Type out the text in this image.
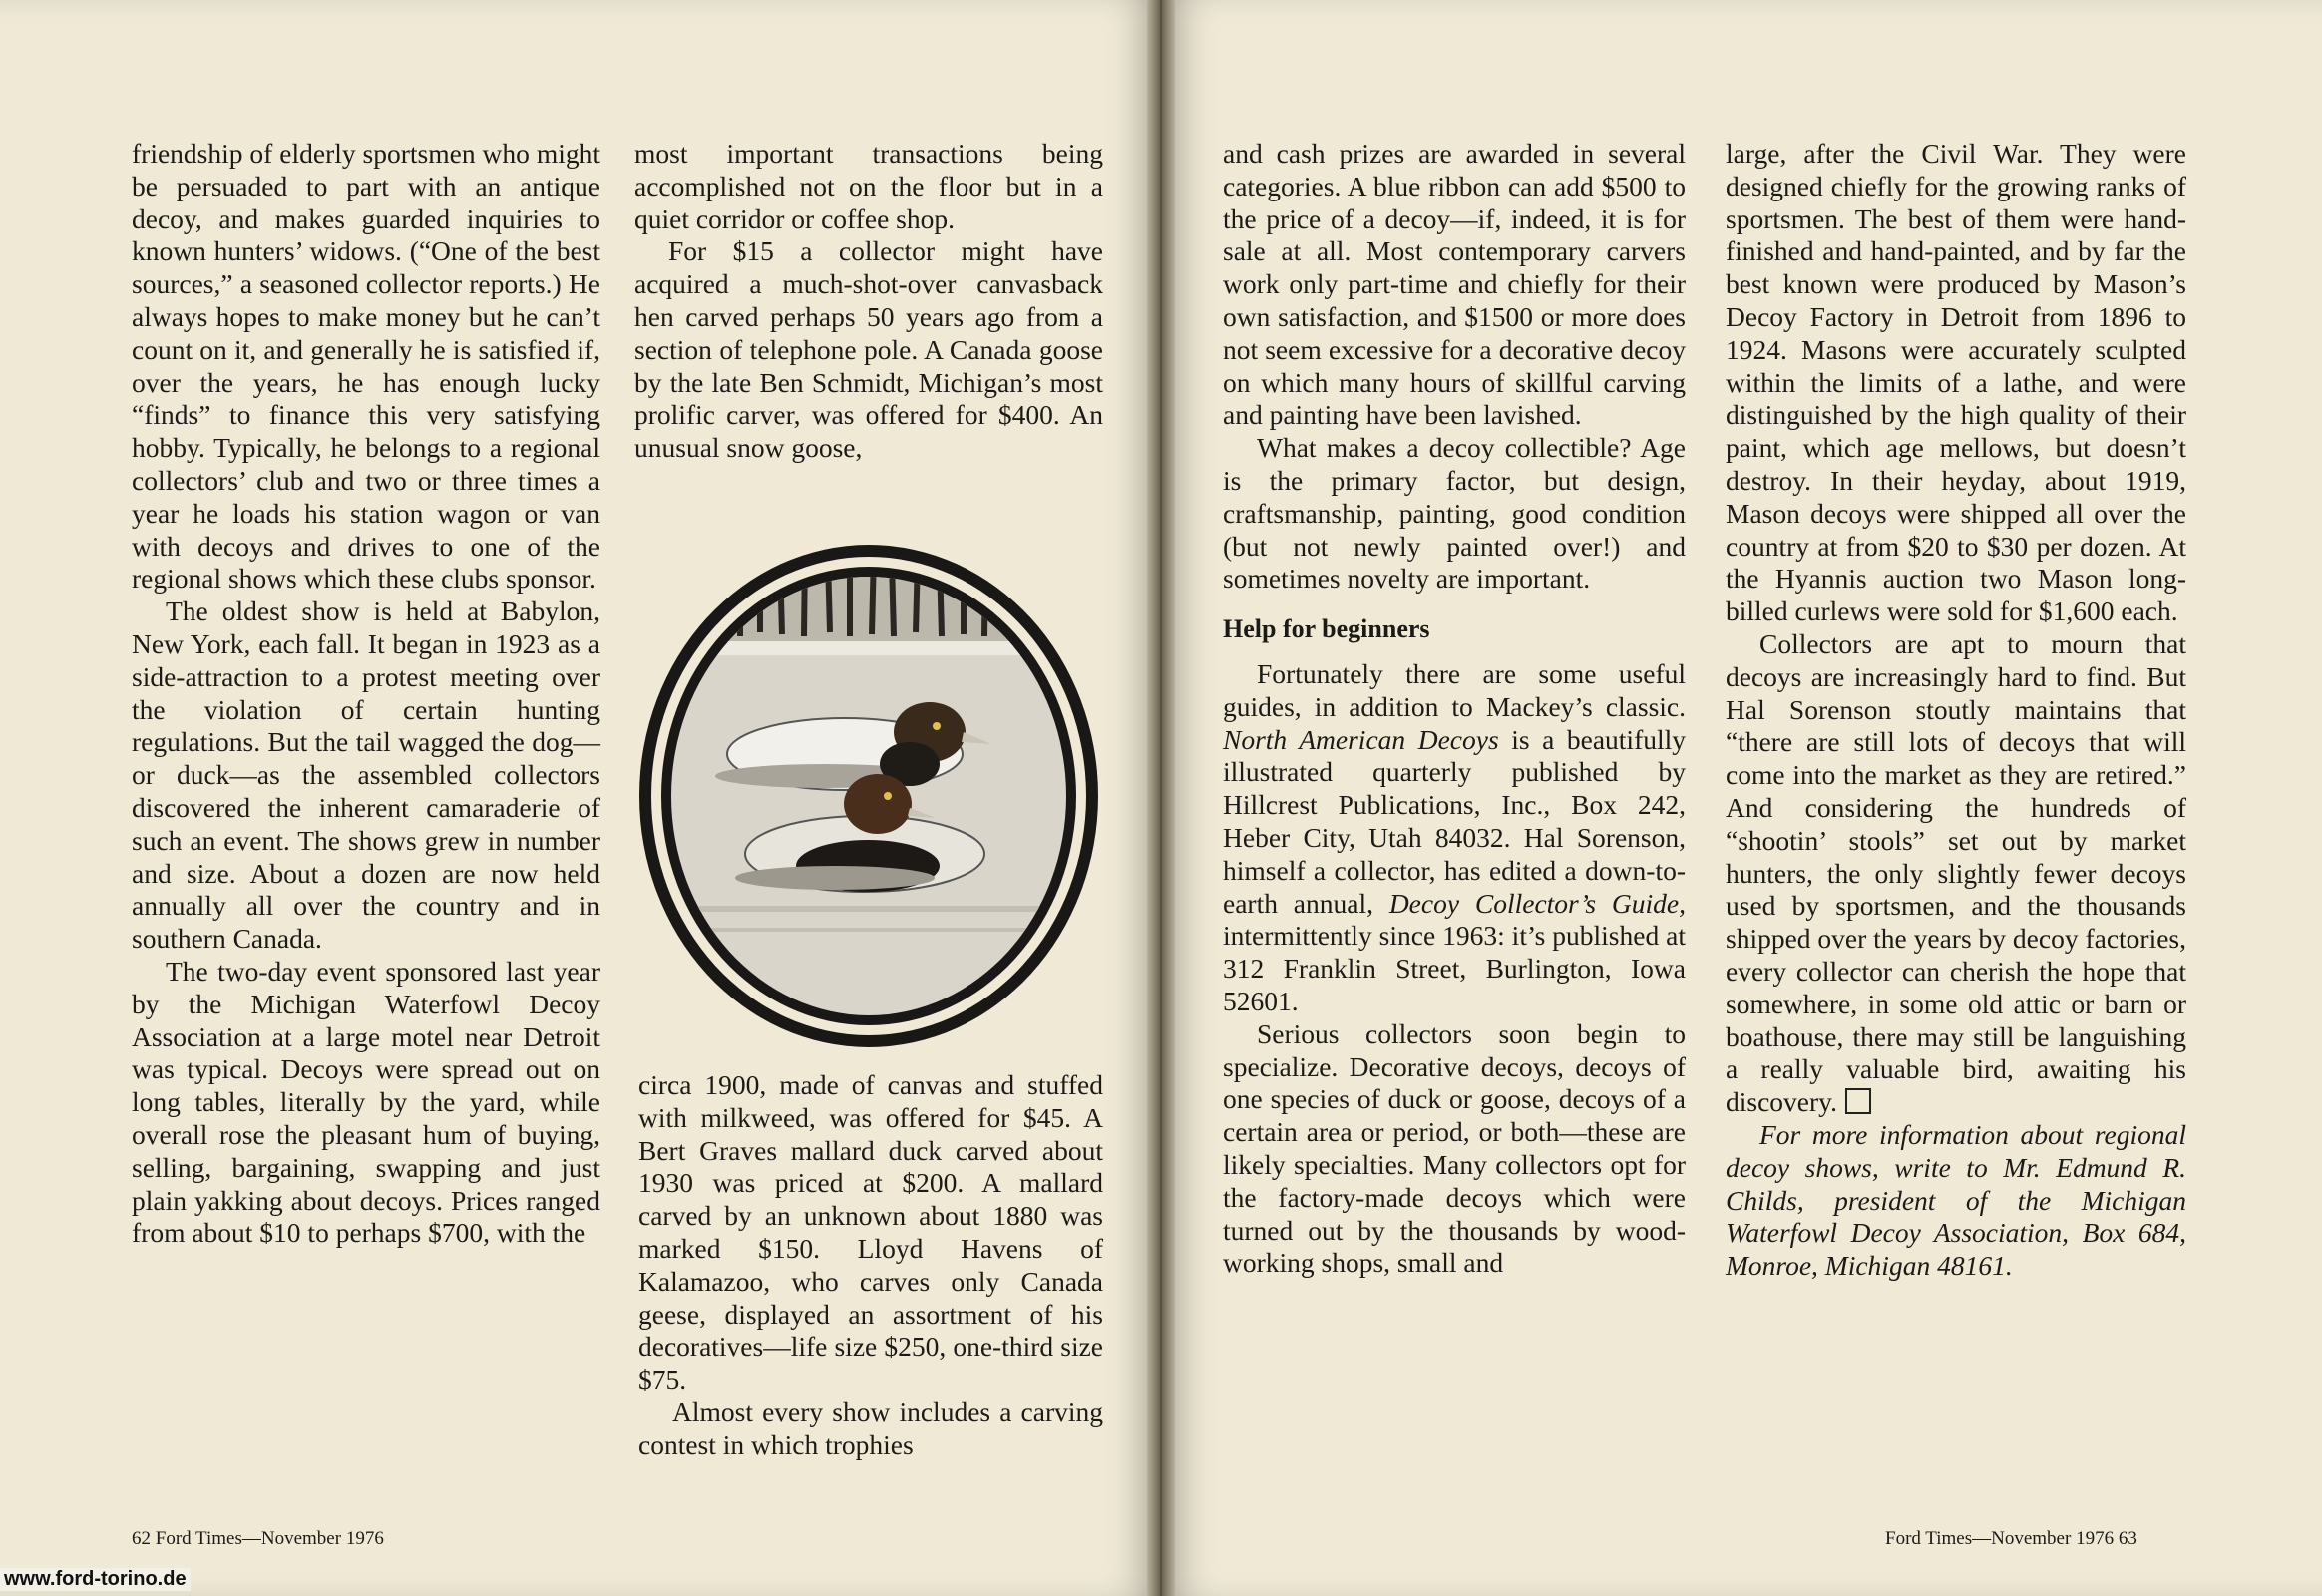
friendship of elderly sportsmen who might be persuaded to part with an antique decoy, and makes guarded inquiries to known hunters’ widows. (“One of the best sources,” a seasoned collector reports.) He always hopes to make money but he can’t count on it, and generally he is satisfied if, over the years, he has enough lucky “finds” to finance this very satisfying hobby. Typically, he belongs to a regional collectors’ club and two or three times a year he loads his station wagon or van with decoys and drives to one of the regional shows which these clubs sponsor.

The oldest show is held at Babylon, New York, each fall. It began in 1923 as a side-attraction to a protest meeting over the violation of certain hunting regulations. But the tail wagged the dog—or duck—as the assembled collectors discovered the inherent camaraderie of such an event. The shows grew in number and size. About a dozen are now held annually all over the country and in southern Canada.

The two-day event sponsored last year by the Michigan Waterfowl Decoy Association at a large motel near Detroit was typical. Decoys were spread out on long tables, literally by the yard, while overall rose the pleasant hum of buying, selling, bargaining, swapping and just plain yakking about decoys. Prices ranged from about $10 to perhaps $700, with the

most important transactions being accomplished not on the floor but in a quiet corridor or coffee shop.

For $15 a collector might have acquired a much-shot-over canvasback hen carved perhaps 50 years ago from a section of telephone pole. A Canada goose by the late Ben Schmidt, Michigan’s most prolific carver, was offered for $400. An unusual snow goose,

circa 1900, made of canvas and stuffed with milkweed, was offered for $45. A Bert Graves mallard duck carved about 1930 was priced at $200. A mallard carved by an unknown about 1880 was marked $150. Lloyd Havens of Kalamazoo, who carves only Canada geese, displayed an assortment of his decoratives—life size $250, one-third size $75.

Almost every show includes a carving contest in which trophies

and cash prizes are awarded in several categories. A blue ribbon can add $500 to the price of a decoy—if, indeed, it is for sale at all. Most contemporary carvers work only part-time and chiefly for their own satisfaction, and $1500 or more does not seem excessive for a decorative decoy on which many hours of skillful carving and painting have been lavished.

What makes a decoy collectible? Age is the primary factor, but design, craftsmanship, painting, good condition (but not newly painted over!) and sometimes novelty are important.

Help for beginners

Fortunately there are some useful guides, in addition to Mackey’s classic. North American Decoys is a beautifully illustrated quarterly published by Hillcrest Publications, Inc., Box 242, Heber City, Utah 84032. Hal Sorenson, himself a collector, has edited a down-to-earth annual, Decoy Collector’s Guide, intermittently since 1963: it’s published at 312 Franklin Street, Burlington, Iowa 52601.

Serious collectors soon begin to specialize. Decorative decoys, decoys of one species of duck or goose, decoys of a certain area or period, or both—these are likely specialties. Many collectors opt for the factory-made decoys which were turned out by the thousands by wood-working shops, small and

large, after the Civil War. They were designed chiefly for the growing ranks of sportsmen. The best of them were hand-finished and hand-painted, and by far the best known were produced by Mason’s Decoy Factory in Detroit from 1896 to 1924. Masons were accurately sculpted within the limits of a lathe, and were distinguished by the high quality of their paint, which age mellows, but doesn’t destroy. In their heyday, about 1919, Mason decoys were shipped all over the country at from $20 to $30 per dozen. At the Hyannis auction two Mason long-billed curlews were sold for $1,600 each.

Collectors are apt to mourn that decoys are increasingly hard to find. But Hal Sorenson stoutly maintains that “there are still lots of decoys that will come into the market as they are retired.” And considering the hundreds of “shootin’ stools” set out by market hunters, the only slightly fewer decoys used by sportsmen, and the thousands shipped over the years by decoy factories, every collector can cherish the hope that somewhere, in some old attic or barn or boathouse, there may still be languishing a really valuable bird, awaiting his discovery.

For more information about regional decoy shows, write to Mr. Edmund R. Childs, president of the Michigan Waterfowl Decoy Association, Box 684, Monroe, Michigan 48161.

62 Ford Times—November 1976	Ford Times—November 1976 63
www.ford-torino.de
